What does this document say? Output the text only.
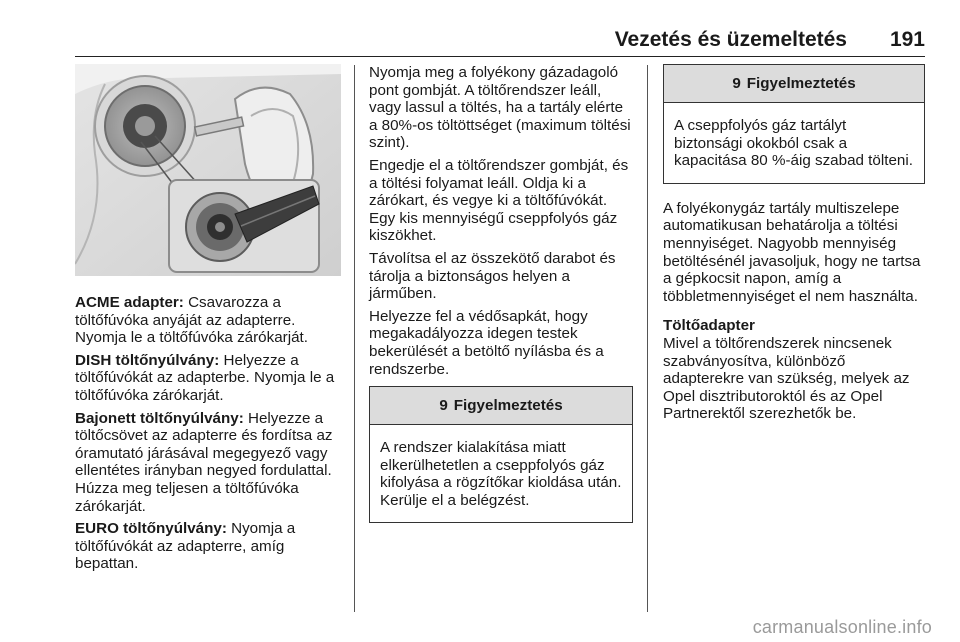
Vezetés és üzemeltetés 191

ACME adapter: Csavarozza a töltőfúvóka anyáját az adapterre. Nyomja le a töltőfúvóka zárókarját.

DISH töltőnyúlvány: Helyezze a töltőfúvókát az adapterbe. Nyomja le a töltőfúvóka zárókarját.

Bajonett töltőnyúlvány: Helyezze a töltőcsövet az adapterre és fordítsa az óramutató járásával megegyező vagy ellentétes irányban negyed fordulattal. Húzza meg teljesen a töltőfúvóka zárókarját.

EURO töltőnyúlvány: Nyomja a töltőfúvókát az adapterre, amíg bepattan.

Nyomja meg a folyékony gázadagoló pont gombját. A töltőrendszer leáll, vagy lassul a töltés, ha a tartály elérte a 80%-os töltöttséget (maximum töltési szint).

Engedje el a töltőrendszer gombját, és a töltési folyamat leáll. Oldja ki a zárókart, és vegye ki a töltőfúvókát. Egy kis mennyiségű cseppfolyós gáz kiszökhet.

Távolítsa el az összekötő darabot és tárolja a biztonságos helyen a járműben.

Helyezze fel a védősapkát, hogy megakadályozza idegen testek bekerülését a betöltő nyílásba és a rendszerbe.

9 Figyelmeztetés
A rendszer kialakítása miatt elkerülhetetlen a cseppfolyós gáz kifolyása a rögzítőkar kioldása után. Kerülje el a belégzést.
9 Figyelmeztetés
A cseppfolyós gáz tartályt biztonsági okokból csak a kapacitása 80 %-áig szabad tölteni.

A folyékonygáz tartály multiszelepe automatikusan behatárolja a töltési mennyiséget. Nagyobb mennyiség betöltésénél javasoljuk, hogy ne tartsa a gépkocsit napon, amíg a többletmennyiséget el nem használta.

Töltőadapter

Mivel a töltőrendszerek nincsenek szabványosítva, különböző adapterekre van szükség, melyek az Opel disztributoroktól és az Opel Partnerektől szerezhetők be.

carmanualsonline.info
